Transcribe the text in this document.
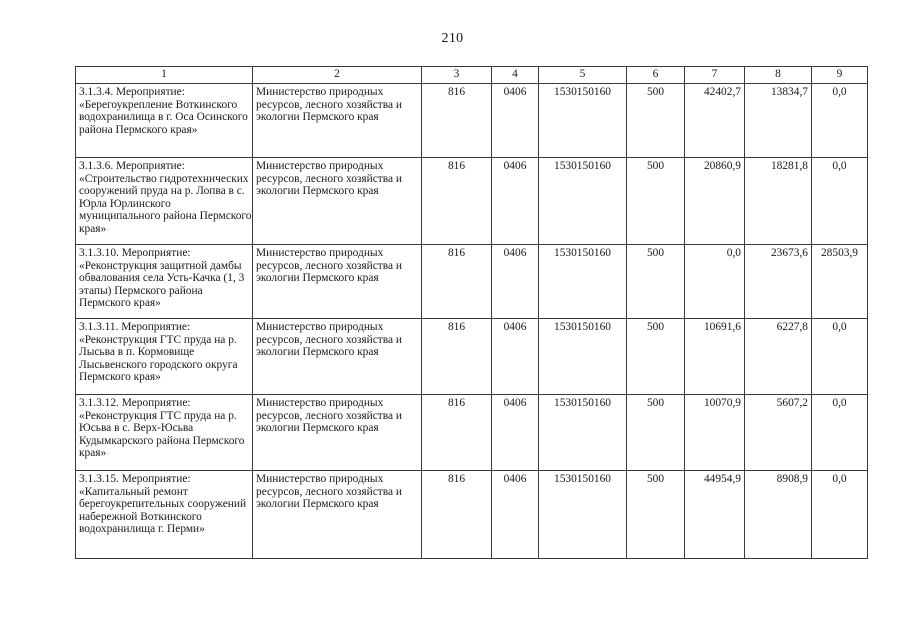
210
1	2	3	4	5	6	7	8	9

3.1.3.4. Мероприятие: «Берегоукрепление Воткинского водохранилища в г. Оса Осинского района Пермского края»	Министерство природных ресурсов, лесного хозяйства и экологии Пермского края	816	0406	1530150160	500	42402,7	13834,7	0,0

3.1.3.6. Мероприятие: «Строительство гидротехнических сооружений пруда на р. Лопва в с. Юрла Юрлинского муниципального района Пермского края»	Министерство природных ресурсов, лесного хозяйства и экологии Пермского края	816	0406	1530150160	500	20860,9	18281,8	0,0

3.1.3.10. Мероприятие: «Реконструкция защитной дамбы обвалования села Усть-Качка (1, 3 этапы) Пермского района Пермского края»	Министерство природных ресурсов, лесного хозяйства и экологии Пермского края	816	0406	1530150160	500	0,0	23673,6	28503,9

3.1.3.11. Мероприятие: «Реконструкция ГТС пруда на р. Лысьва в п. Кормовище Лысьвенского городского округа Пермского края»	Министерство природных ресурсов, лесного хозяйства и экологии Пермского края	816	0406	1530150160	500	10691,6	6227,8	0,0

3.1.3.12. Мероприятие: «Реконструкция ГТС пруда на р. Юсьва в с. Верх-Юсьва Кудымкарского района Пермского края»	Министерство природных ресурсов, лесного хозяйства и экологии Пермского края	816	0406	1530150160	500	10070,9	5607,2	0,0

3.1.3.15. Мероприятие: «Капитальный ремонт берегоукрепительных сооружений набережной Воткинского водохранилища г. Перми»	Министерство природных ресурсов, лесного хозяйства и экологии Пермского края	816	0406	1530150160	500	44954,9	8908,9	0,0
